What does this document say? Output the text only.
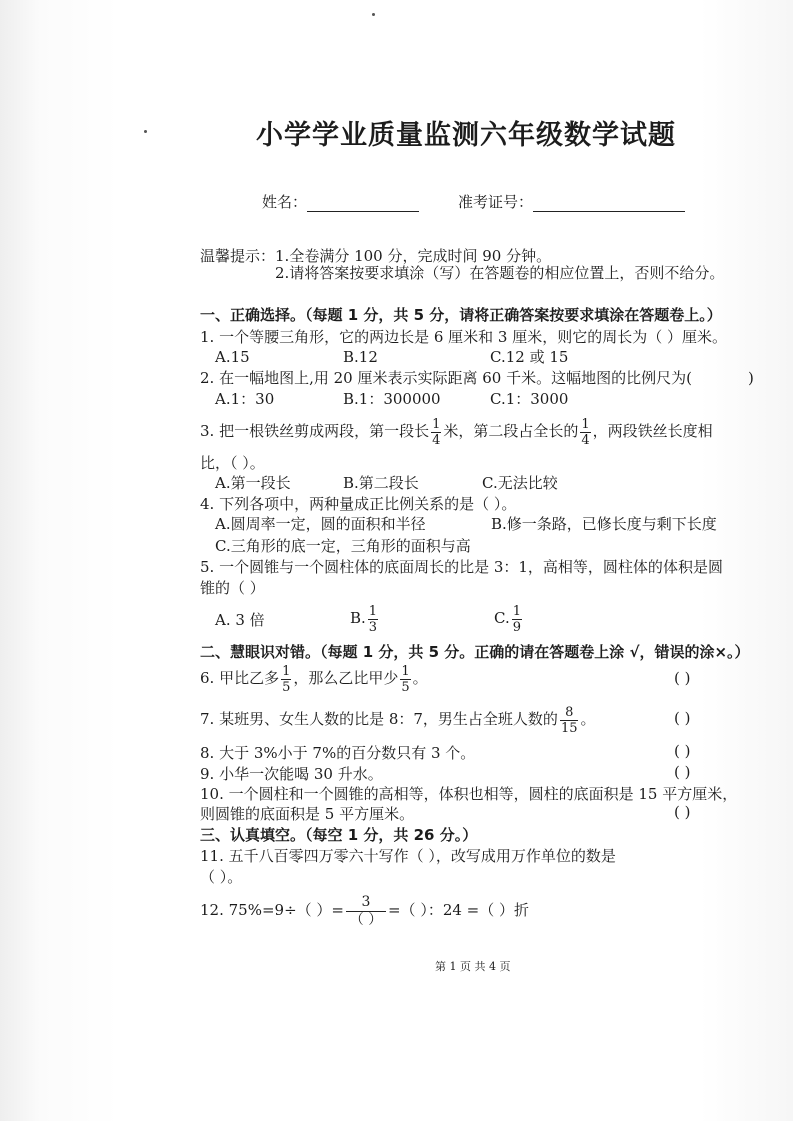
小学学业质量监测六年级数学试题
姓名：	准考证号：
温馨提示：1.全卷满分 100 分，完成时间 90 分钟。
2.请将答案按要求填涂（写）在答题卷的相应位置上，否则不给分。
一、正确选择。（每题 1 分，共 5 分，请将正确答案按要求填涂在答题卷上。）
1. 一个等腰三角形，它的两边长是 6 厘米和 3 厘米，则它的周长为（ ）厘米。
A.15	B.12	C.12 或 15
2. 在一幅地图上,用 20 厘米表示实际距离 60 千米。这幅地图的比例尺为(	)
A.1：30	B.1：300000	C.1：3000
3. 把一根铁丝剪成两段，第一段长 $\frac{1}{4}$ 米，第二段占全长的 $\frac{1}{4}$ ，两段铁丝长度相
比，（ ）。
A.第一段长	B.第二段长	C.无法比较
4. 下列各项中，两种量成正比例关系的是（ ）。
A.圆周率一定，圆的面积和半径	B.修一条路，已修长度与剩下长度
C.三角形的底一定，三角形的面积与高
5. 一个圆锥与一个圆柱体的底面周长的比是 3：1，高相等，圆柱体的体积是圆
锥的（ ）
A. 3 倍	B. $\frac{1}{3}$	C. $\frac{1}{9}$
二、慧眼识对错。（每题 1 分，共 5 分。正确的请在答题卷上涂 √，错误的涂×。）
6. 甲比乙多 $\frac{1}{5}$ ，那么乙比甲少 $\frac{1}{5}$ 。	( )
7. 某班男、女生人数的比是 8：7，男生占全班人数的 $\frac{8}{15}$ 。	( )
8. 大于 3%小于 7%的百分数只有 3 个。	( )
9. 小华一次能喝 30 升水。	( )
10. 一个圆柱和一个圆锥的高相等，体积也相等，圆柱的底面积是 15 平方厘米，
则圆锥的底面积是 5 平方厘米。	( )
三、认真填空。（每空 1 分，共 26 分。）
11. 五千八百零四万零六十写作（ ），改写成用万作单位的数是
（ ）。
12. 75%=9÷（ ）= $\frac{3}{( )}$ =（ ）：24 =（ ）折
第 1 页 共 4 页
